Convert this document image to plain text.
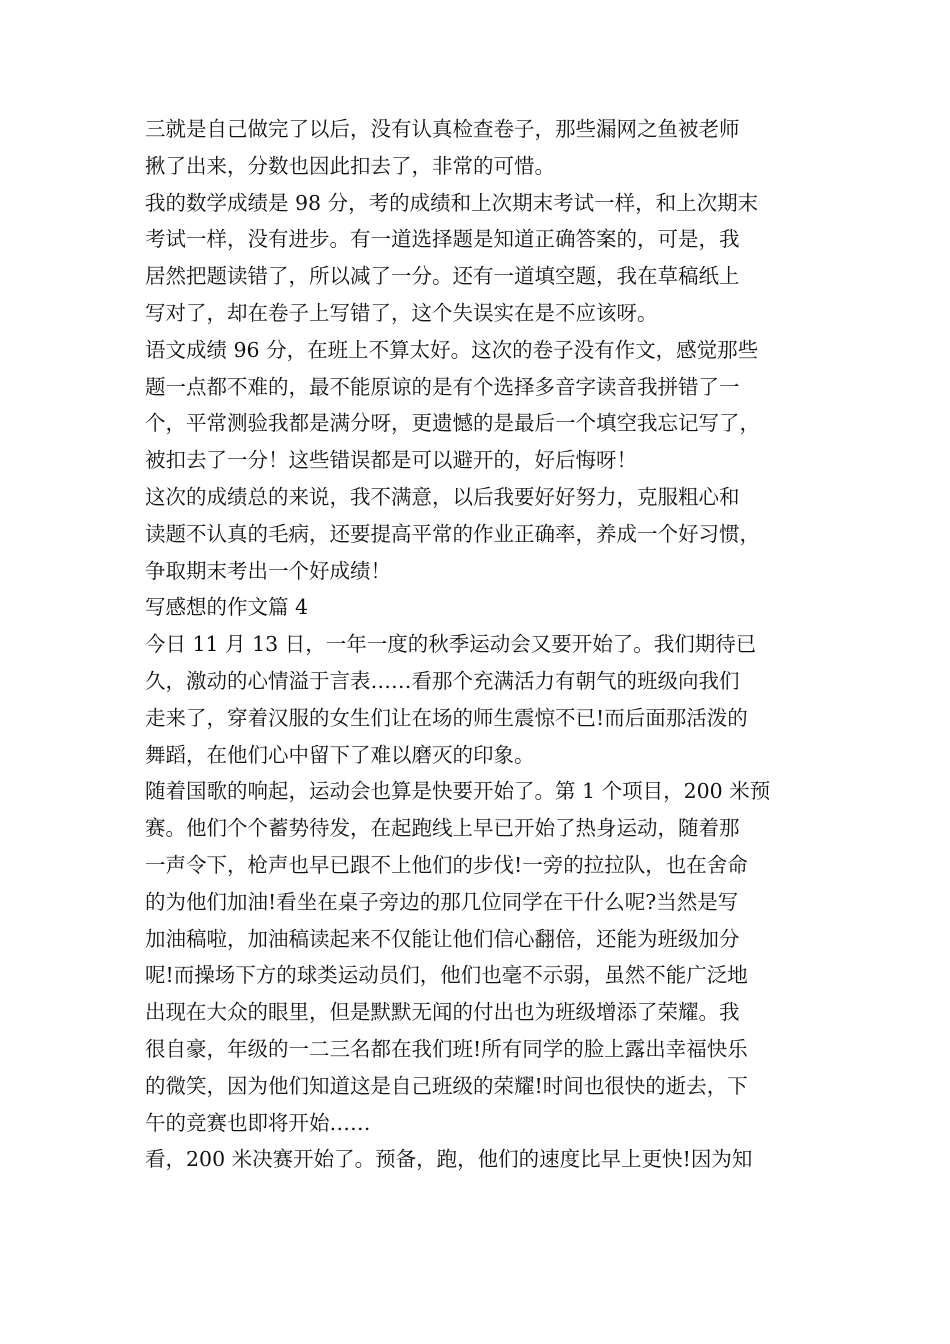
三就是自己做完了以后，没有认真检查卷子，那些漏网之鱼被老师
揪了出来，分数也因此扣去了，非常的可惜。
我的数学成绩是 98 分，考的成绩和上次期末考试一样，和上次期末
考试一样，没有进步。有一道选择题是知道正确答案的，可是，我
居然把题读错了，所以减了一分。还有一道填空题，我在草稿纸上
写对了，却在卷子上写错了，这个失误实在是不应该呀。
语文成绩 96 分，在班上不算太好。这次的卷子没有作文，感觉那些
题一点都不难的，最不能原谅的是有个选择多音字读音我拼错了一
个，平常测验我都是满分呀，更遗憾的是最后一个填空我忘记写了，
被扣去了一分！这些错误都是可以避开的，好后悔呀！
这次的成绩总的来说，我不满意，以后我要好好努力，克服粗心和
读题不认真的毛病，还要提高平常的作业正确率，养成一个好习惯，
争取期末考出一个好成绩！
写感想的作文篇 4
今日 11 月 13 日，一年一度的秋季运动会又要开始了。我们期待已
久，激动的心情溢于言表……看那个充满活力有朝气的班级向我们
走来了，穿着汉服的女生们让在场的师生震惊不已!而后面那活泼的
舞蹈，在他们心中留下了难以磨灭的印象。
随着国歌的响起，运动会也算是快要开始了。第 1 个项目，200 米预
赛。他们个个蓄势待发，在起跑线上早已开始了热身运动，随着那
一声令下，枪声也早已跟不上他们的步伐!一旁的拉拉队，也在舍命
的为他们加油!看坐在桌子旁边的那几位同学在干什么呢?当然是写
加油稿啦，加油稿读起来不仅能让他们信心翻倍，还能为班级加分
呢!而操场下方的球类运动员们，他们也毫不示弱，虽然不能广泛地
出现在大众的眼里，但是默默无闻的付出也为班级增添了荣耀。我
很自豪，年级的一二三名都在我们班!所有同学的脸上露出幸福快乐
的微笑，因为他们知道这是自己班级的荣耀!时间也很快的逝去，下
午的竞赛也即将开始……
看，200 米决赛开始了。预备，跑，他们的速度比早上更快!因为知
